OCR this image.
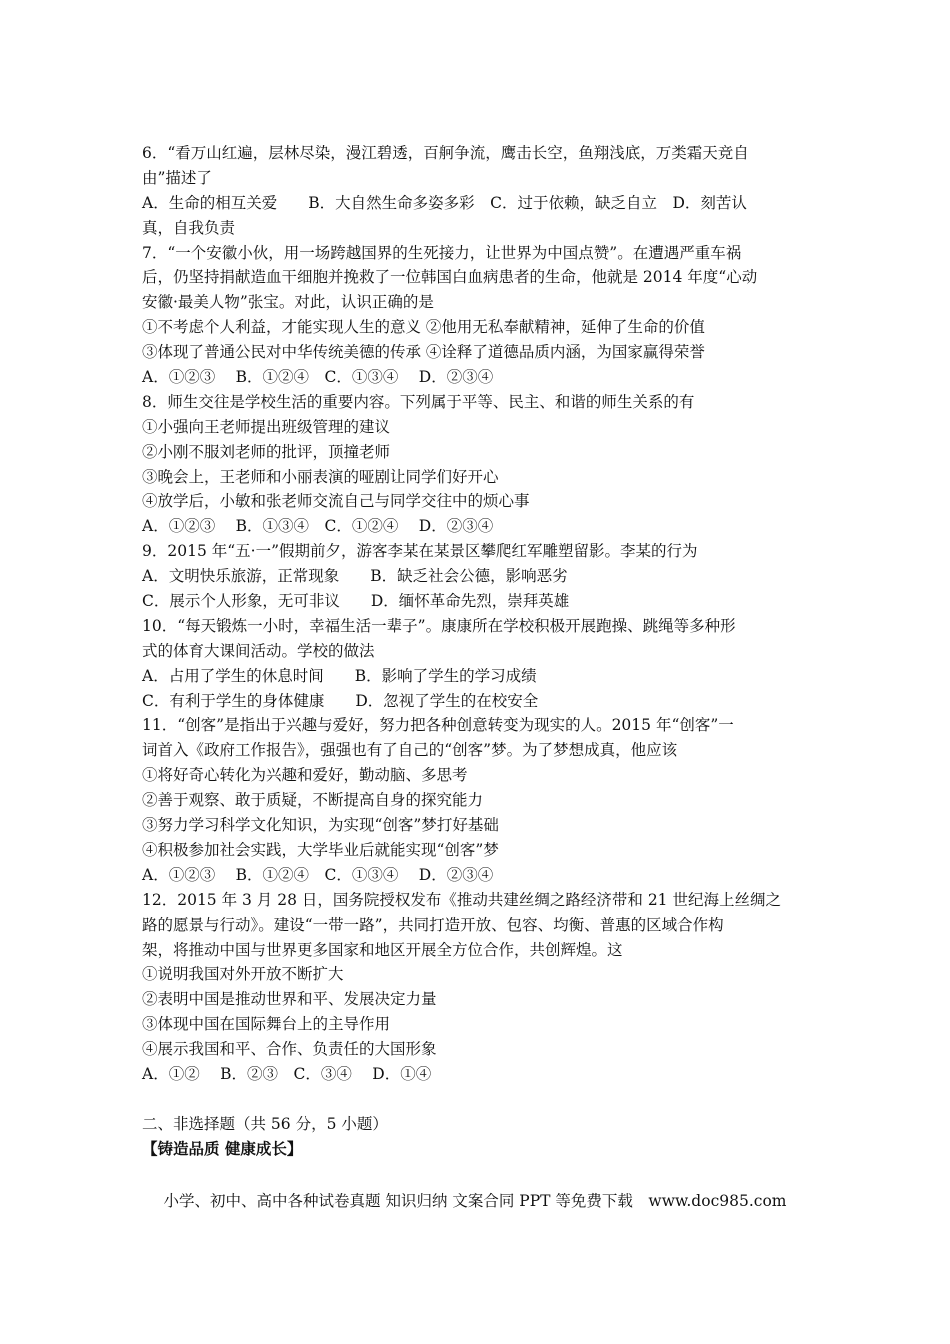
6．“看万山红遍，层林尽染，漫江碧透，百舸争流，鹰击长空，鱼翔浅底，万类霜天竞自
由”描述了
A．生命的相互关爱　　B．大自然生命多姿多彩　C．过于依赖，缺乏自立　D．刻苦认
真，自我负责
7．“一个安徽小伙，用一场跨越国界的生死接力，让世界为中国点赞”。在遭遇严重车祸
后，仍坚持捐献造血干细胞并挽救了一位韩国白血病患者的生命，他就是 2014 年度“心动
安徽·最美人物”张宝。对此，认识正确的是
①不考虑个人利益，才能实现人生的意义 ②他用无私奉献精神，延伸了生命的价值
③体现了普通公民对中华传统美德的传承 ④诠释了道德品质内涵，为国家赢得荣誉
A．①②③　 B．①②④　C．①③④　 D．②③④
8．师生交往是学校生活的重要内容。下列属于平等、民主、和谐的师生关系的有
①小强向王老师提出班级管理的建议
②小刚不服刘老师的批评，顶撞老师
③晚会上，王老师和小丽表演的哑剧让同学们好开心
④放学后，小敏和张老师交流自己与同学交往中的烦心事
A．①②③　 B．①③④　C．①②④　 D．②③④
9．2015 年“五·一”假期前夕，游客李某在某景区攀爬红军雕塑留影。李某的行为
A．文明快乐旅游，正常现象　　B．缺乏社会公德，影响恶劣
C．展示个人形象，无可非议　　D．缅怀革命先烈，崇拜英雄
10．“每天锻炼一小时，幸福生活一辈子”。康康所在学校积极开展跑操、跳绳等多种形
式的体育大课间活动。学校的做法
A．占用了学生的休息时间　　B．影响了学生的学习成绩
C．有利于学生的身体健康　　D．忽视了学生的在校安全
11．“创客”是指出于兴趣与爱好，努力把各种创意转变为现实的人。2015 年“创客”一
词首入《政府工作报告》，强强也有了自己的“创客”梦。为了梦想成真，他应该
①将好奇心转化为兴趣和爱好，勤动脑、多思考
②善于观察、敢于质疑，不断提高自身的探究能力
③努力学习科学文化知识，为实现“创客”梦打好基础
④积极参加社会实践，大学毕业后就能实现“创客”梦
A．①②③　 B．①②④　C．①③④　 D．②③④
12．2015 年 3 月 28 日，国务院授权发布《推动共建丝绸之路经济带和 21 世纪海上丝绸之
路的愿景与行动》。建设“一带一路”，共同打造开放、包容、均衡、普惠的区域合作构
架，将推动中国与世界更多国家和地区开展全方位合作，共创辉煌。这
①说明我国对外开放不断扩大
②表明中国是推动世界和平、发展决定力量
③体现中国在国际舞台上的主导作用
④展示我国和平、合作、负责任的大国形象
A．①②　 B．②③　C．③④　 D．①④
二、非选择题（共 56 分，5 小题）
【铸造品质 健康成长】
小学、初中、高中各种试卷真题 知识归纳 文案合同 PPT 等免费下载　www.doc985.com
